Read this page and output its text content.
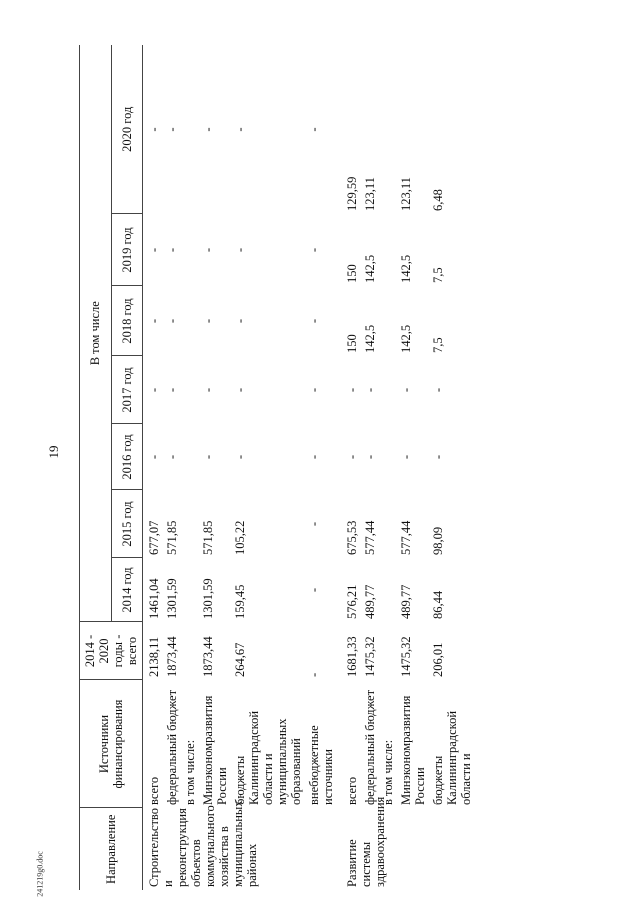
19
241219g0.doc	Направление	Источники финансирования	2014 - 2020 годы - всего	В том числе						
			2014 год	2015 год	2016 год	2017 год	2018 год	2019 год	2020 год
Строительство и реконструкция объектов коммунального хозяйства в муниципальных районах	всего	2138,11	1461,04	677,07	-	-	-	-	-
	федеральный бюджет	1873,44	1301,59	571,85	-	-	-	-	-
	в том числе:								
	Минэкономразвития России	1873,44	1301,59	571,85	-	-	-	-	-
	бюджеты Калининградской области и муниципальных образований	264,67	159,45	105,22	-	-	-	-	-
	внебюджетные источники	-	-	-	-	-	-	-	-
Развитие системы здравоохранения	всего	1681,33	576,21	675,53	-	-	150	150	129,59
	федеральный бюджет	1475,32	489,77	577,44	-	-	142,5	142,5	123,11
	в том числе:								
	Минэкономразвития России	1475,32	489,77	577,44	-	-	142,5	142,5	123,11
	бюджеты Калининградской области и	206,01	86,44	98,09	-	-	7,5	7,5	6,48
